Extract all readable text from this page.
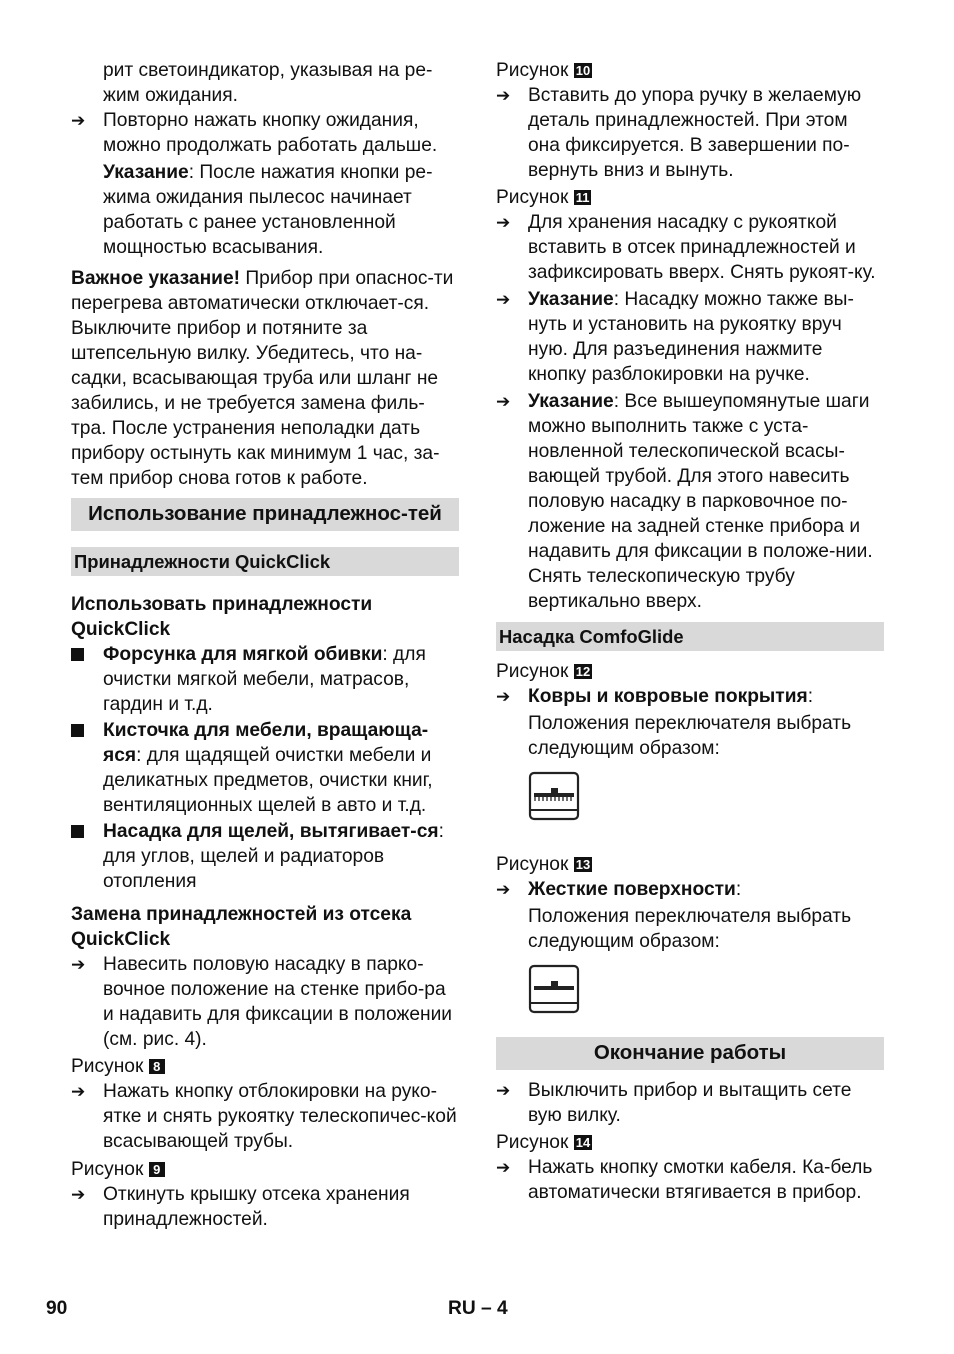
рит светоиндикатор, указывая на ре-жим ожидания.

➔
Повторно нажать кнопку ожидания, можно продолжать работать дальше.

Указание: После нажатия кнопки ре-жима ожидания пылесос начинает работать с ранее установленной мощностью всасывания.

Важное указание! Прибор при опаснос-ти перегрева автоматически отключает-ся. Выключите прибор и потяните за штепсельную вилку. Убедитесь, что на-садки, всасывающая труба или шланг не забились, и не требуется замена филь-тра. После устранения неполадки дать прибору остынуть как минимум 1 час, за-тем прибор снова готов к работе.

Использование принадлежнос-тей
Принадлежности QuickClick
Использовать принадлежности QuickClick
Форсунка для мягкой обивки: для очистки мягкой мебели, матрасов, гардин и т.д.
Кисточка для мебели, вращающа-яся: для щадящей очистки мебели и деликатных предметов, очистки книг, вентиляционных щелей в авто и т.д.
Насадка для щелей, вытягивает-ся: для углов, щелей и радиаторов отопления
Замена принадлежностей из отсека QuickClick
➔
Навесить половую насадку в парко-вочное положение на стенке прибо-ра и надавить для фиксации в положении (см. рис. 4).

Рисунок 8

➔
Нажать кнопку отблокировки на руко-ятке и снять рукоятку телескопичес-кой всасывающей трубы.

Рисунок 9

➔
Откинуть крышку отсека хранения принадлежностей.

Рисунок 10

➔
Вставить до упора ручку в желаемую деталь принадлежностей. При этом она фиксируется. В завершении по-вернуть вниз и вынуть.

Рисунок 11

➔
Для хранения насадку с рукояткой вставить в отсек принадлежностей и зафиксировать вверх. Снять рукоят-ку.
➔
Указание: Насадку можно также вы-нуть и установить на рукоятку вруч ную. Для разъединения нажмите кнопку разблокировки на ручке.
➔
Указание: Все вышеупомянутые шаги можно выполнить также с уста-новленной телескопической всасы-вающей трубой. Для этого навесить половую насадку в парковочное по-ложение на задней стенке прибора и надавить для фиксации в положе-нии. Снять телескопическую трубу вертикально вверх.
Насадка ComfoGlide

Рисунок 12

➔
Ковры и ковровые покрытия:

Положения переключателя выбрать следующим образом:

Рисунок 13

➔
Жесткие поверхности:

Положения переключателя выбрать следующим образом:

Окончание работы
➔
Выключить прибор и вытащить сете вую вилку.

Рисунок 14

➔
Нажать кнопку смотки кабеля. Ка-бель автоматически втягивается в прибор.
90	RU – 4
